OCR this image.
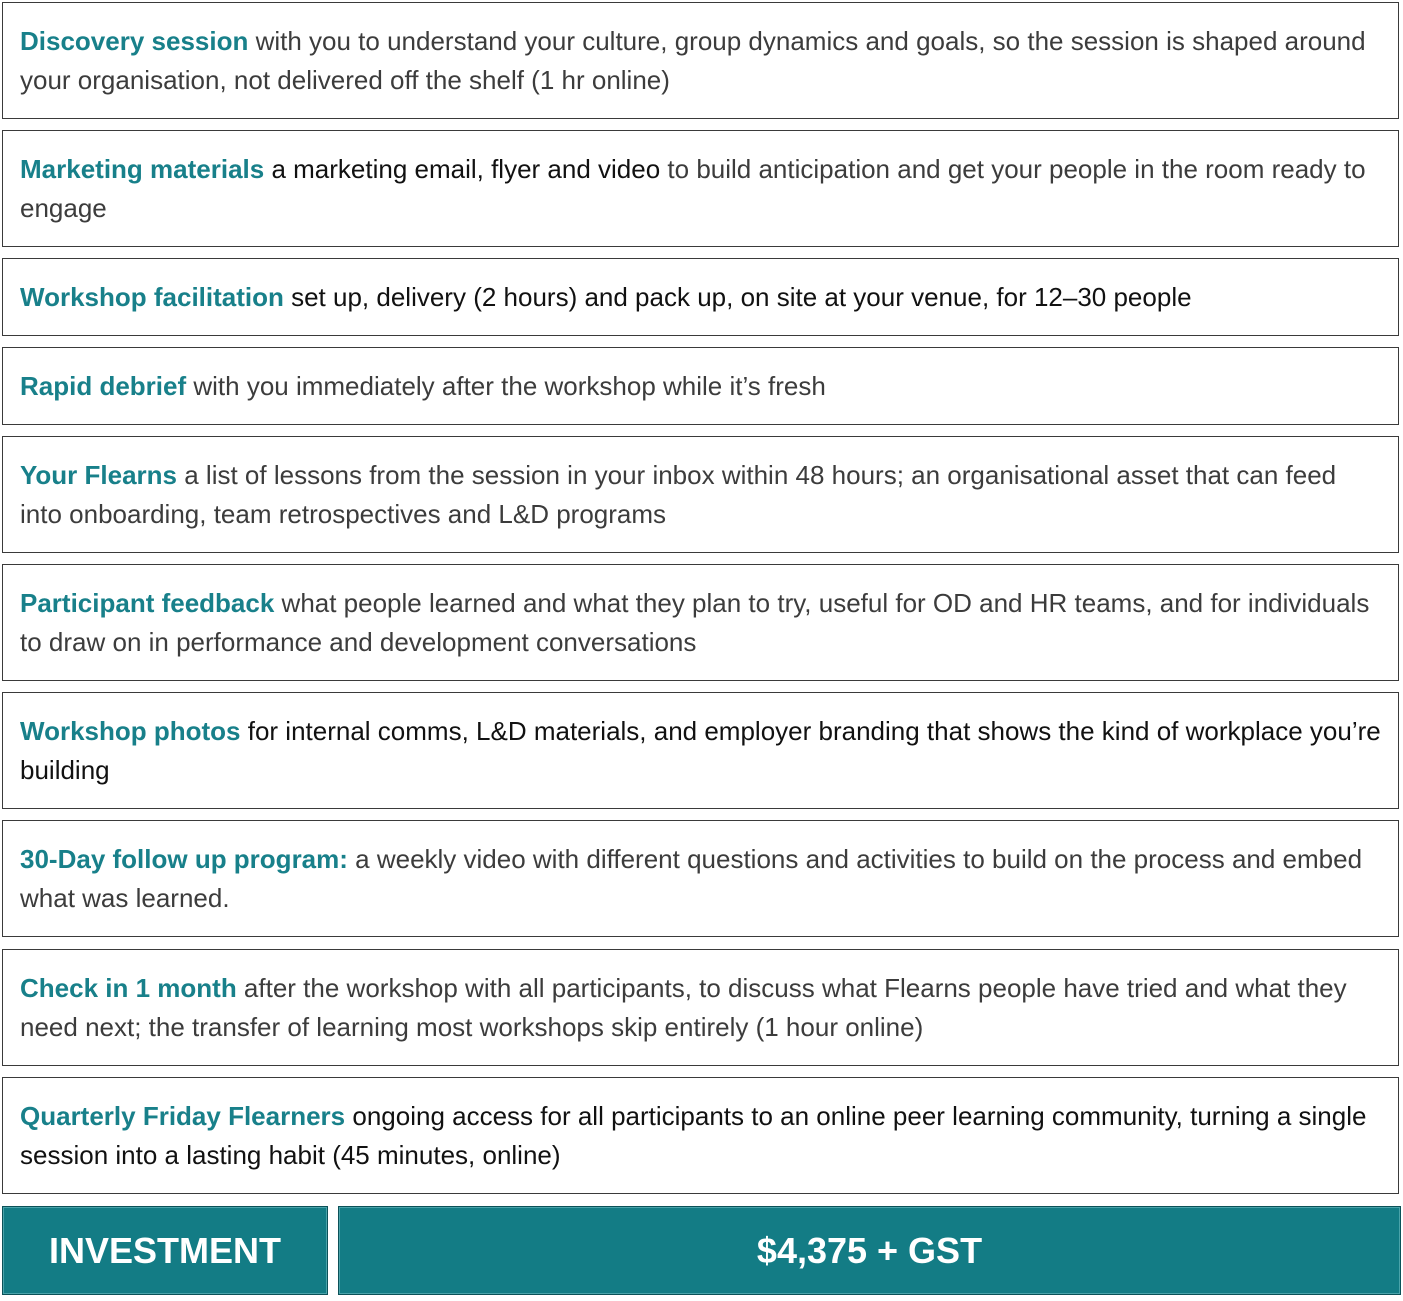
Discovery session with you to understand your culture, group dynamics and goals, so the session is shaped around your organisation, not delivered off the shelf (1 hr online)

Marketing materials a marketing email, flyer and video to build anticipation and get your people in the room ready to engage

Workshop facilitation set up, delivery (2 hours) and pack up, on site at your venue, for 12–30 people

Rapid debrief with you immediately after the workshop while it’s fresh

Your Flearns a list of lessons from the session in your inbox within 48 hours; an organisational asset that can feed into onboarding, team retrospectives and L&D programs

Participant feedback what people learned and what they plan to try, useful for OD and HR teams, and for individuals to draw on in performance and development conversations

Workshop photos for internal comms, L&D materials, and employer branding that shows the kind of workplace you’re building

30-Day follow up program: a weekly video with different questions and activities to build on the process and embed what was learned.

Check in 1 month after the workshop with all participants, to discuss what Flearns people have tried and what they need next; the transfer of learning most workshops skip entirely (1 hour online)

Quarterly Friday Flearners ongoing access for all participants to an online peer learning community, turning a single session into a lasting habit (45 minutes, online)

INVESTMENT	$4,375 + GST
